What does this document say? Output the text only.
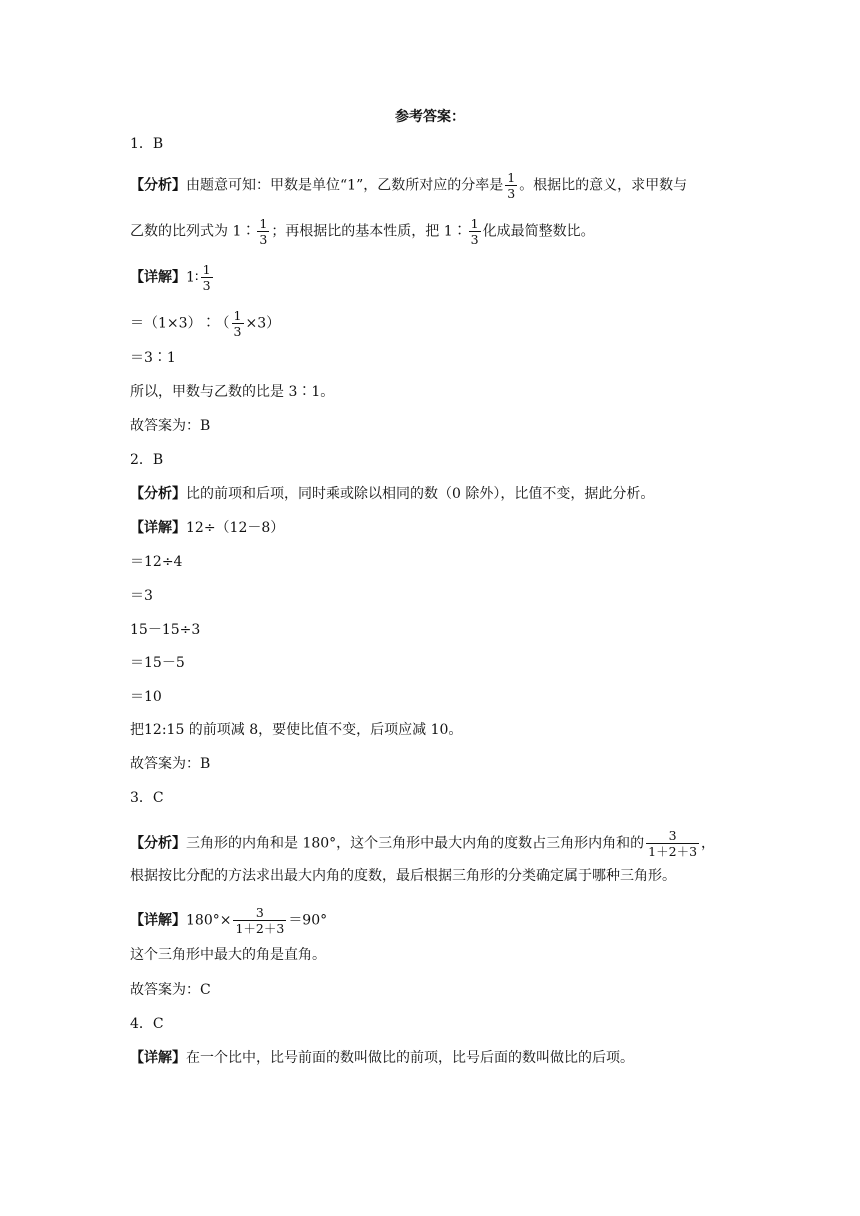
参考答案：
1．B
【分析】由题意可知：甲数是单位“1”，乙数所对应的分率是 $\frac{1}{3}$ 。根据比的意义，求甲数与
乙数的比列式为 1∶ $\frac{1}{3}$ ；再根据比的基本性质，把 1∶ $\frac{1}{3}$ 化成最简整数比。
【详解】1∶ $\frac{1}{3}$
＝（1×3）∶（ $\frac{1}{3} \times 3$）
＝3∶1
所以，甲数与乙数的比是 3∶1。
故答案为：B
2．B
【分析】比的前项和后项，同时乘或除以相同的数（0 除外），比值不变，据此分析。
【详解】12÷（12－8）
＝12÷4
＝3
15－15÷3
＝15－5
＝10
把12:15 的前项减 8，要使比值不变，后项应减 10。
故答案为：B
3．C
【分析】三角形的内角和是 180°，这个三角形中最大内角的度数占三角形内角和的 $\frac{3}{1+2+3}$ ，
根据按比分配的方法求出最大内角的度数，最后根据三角形的分类确定属于哪种三角形。
【详解】$180^\circ\times \frac{3}{1+2+3} =90^\circ$
这个三角形中最大的角是直角。
故答案为：C
4．C
【详解】在一个比中，比号前面的数叫做比的前项，比号后面的数叫做比的后项。
